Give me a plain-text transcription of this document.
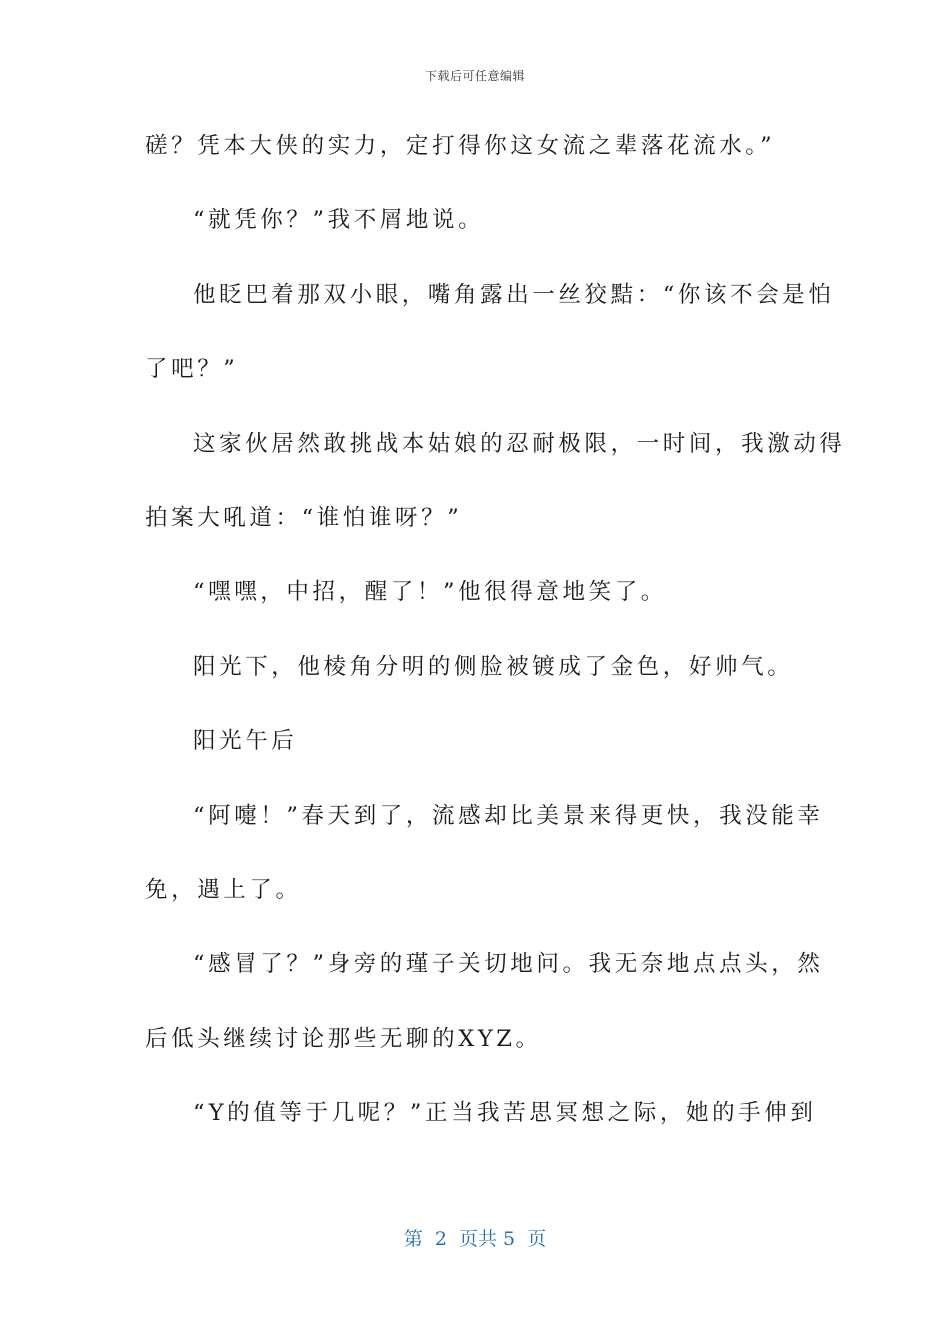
下载后可任意编辑
磋？凭本大侠的实力，定打得你这女流之辈落花流水。”
“就凭你？”我不屑地说。
他眨巴着那双小眼，嘴角露出一丝狡黠：“你该不会是怕
了吧？”
这家伙居然敢挑战本姑娘的忍耐极限，一时间，我激动得
拍案大吼道：“谁怕谁呀？”
“嘿嘿，中招，醒了！”他很得意地笑了。
阳光下，他棱角分明的侧脸被镀成了金色，好帅气。
阳光午后
“阿嚏！”春天到了，流感却比美景来得更快，我没能幸
免，遇上了。
“感冒了？”身旁的瑾子关切地问。我无奈地点点头，然
后低头继续讨论那些无聊的XYZ。
“Y的值等于几呢？”正当我苦思冥想之际，她的手伸到
第  2  页共 5  页
